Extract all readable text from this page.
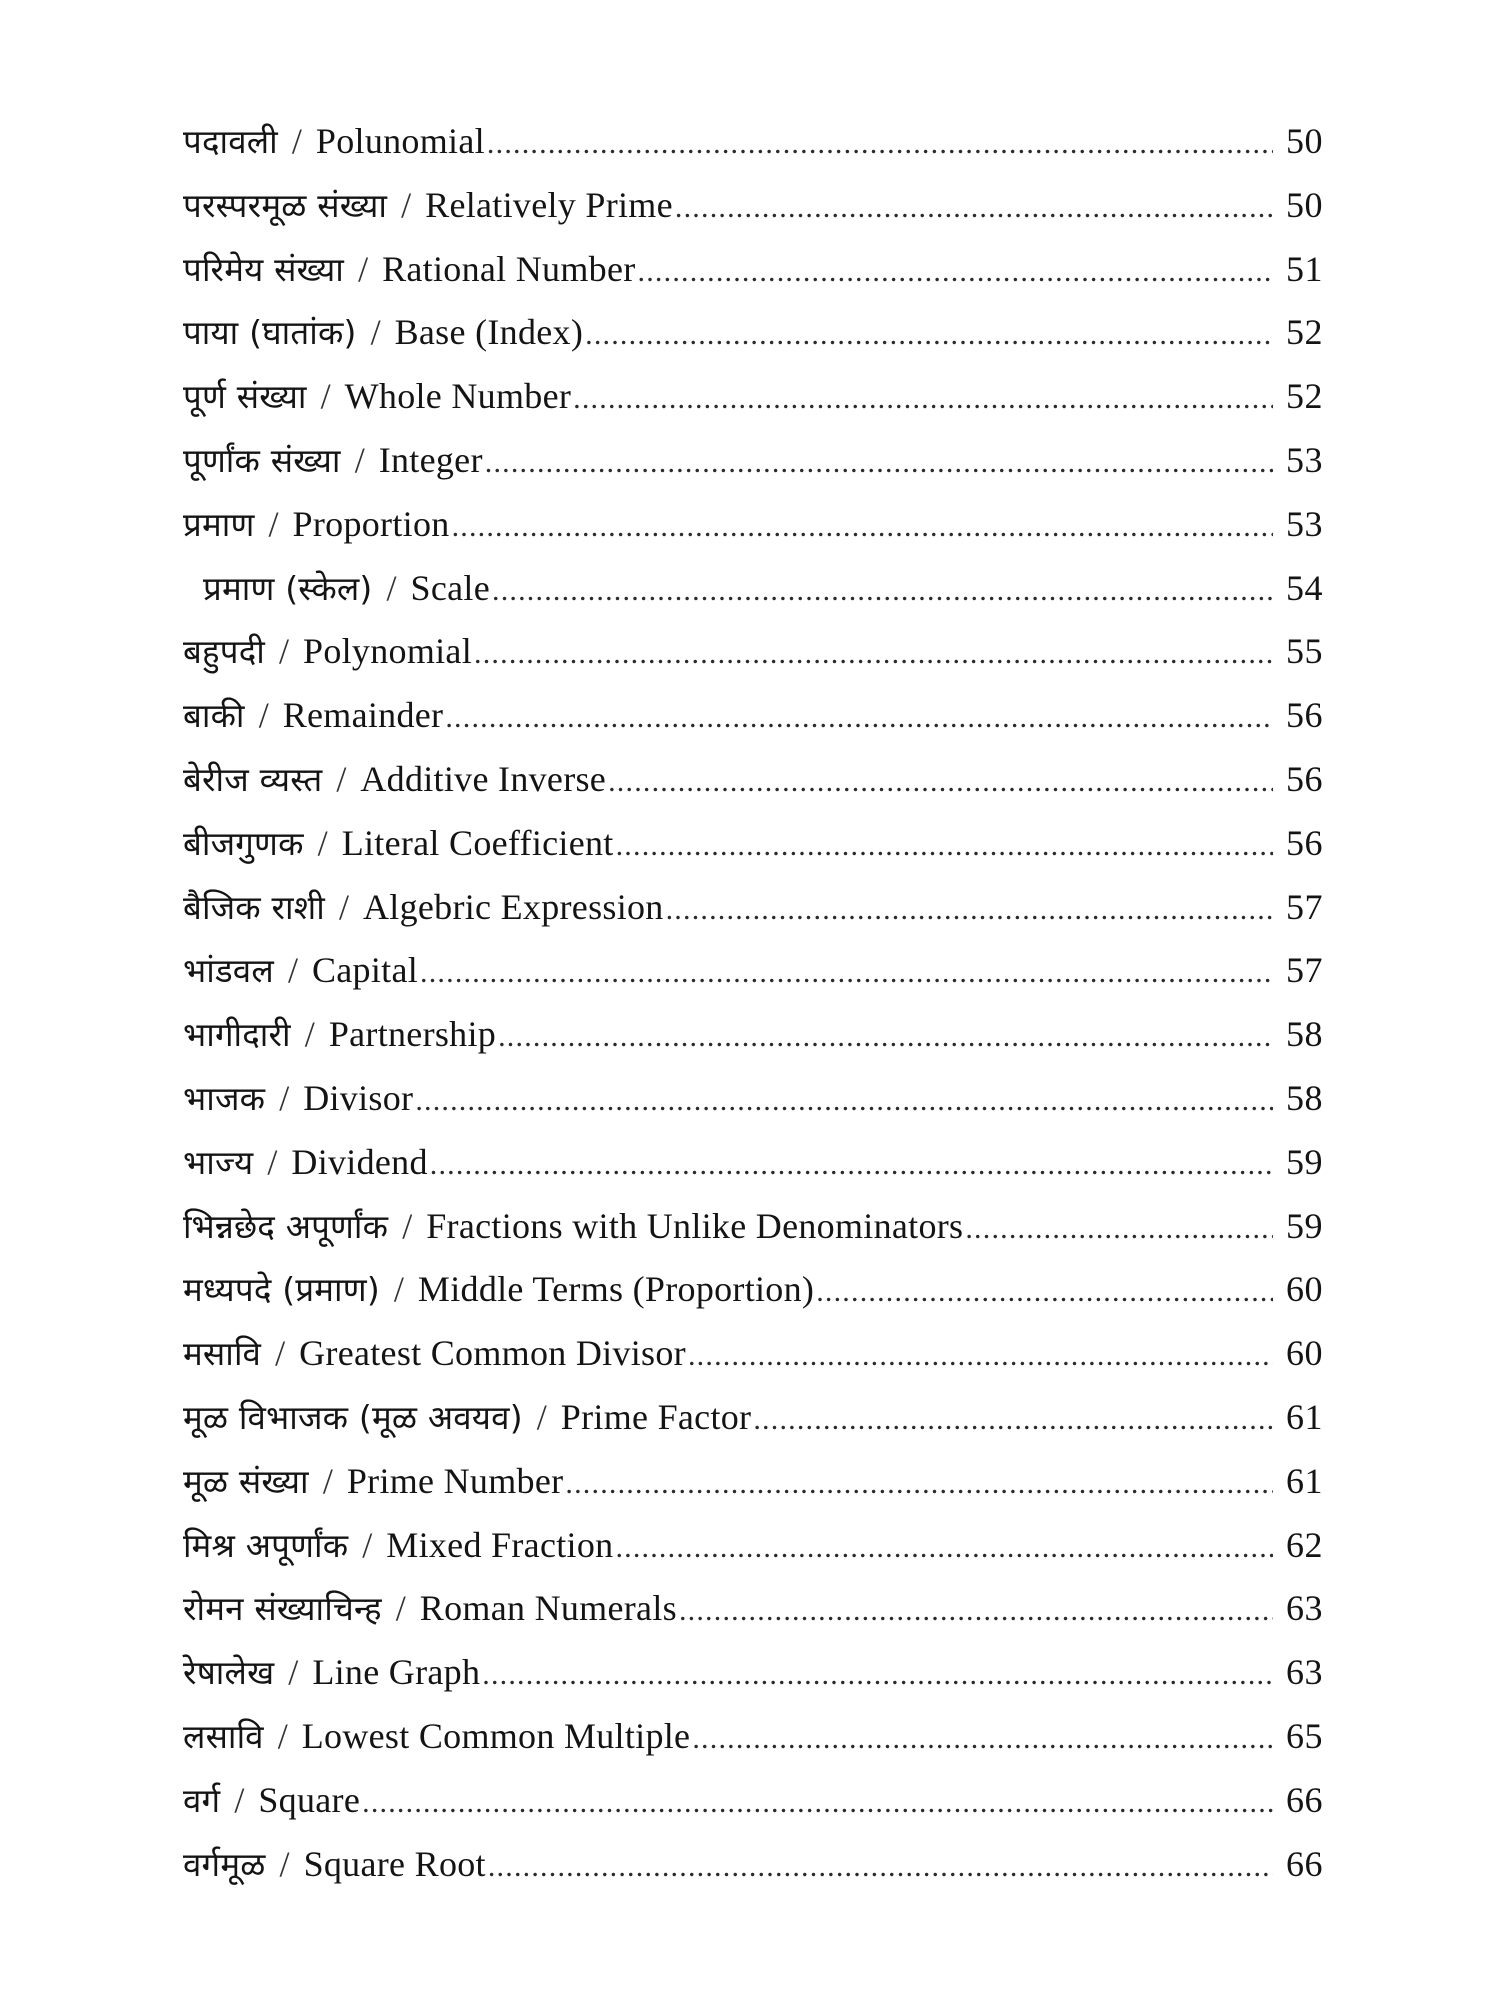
पदावली / Polunomial .....	50
परस्परमूळ संख्या / Relatively Prime .....	50
परिमेय संख्या / Rational Number .....	51
पाया (घातांक) / Base (Index) .....	52
पूर्ण संख्या / Whole Number .....	52
पूर्णांक संख्या / Integer .....	53
प्रमाण / Proportion .....	53
प्रमाण (स्केल) / Scale .....	54
बहुपदी / Polynomial .....	55
बाकी / Remainder .....	56
बेरीज व्यस्त / Additive Inverse .....	56
बीजगुणक / Literal Coefficient .....	56
बैजिक राशी / Algebric Expression .....	57
भांडवल / Capital .....	57
भागीदारी / Partnership .....	58
भाजक / Divisor .....	58
भाज्य / Dividend .....	59
भिन्नछेद अपूर्णांक / Fractions with Unlike Denominators .....	59
मध्यपदे (प्रमाण) / Middle Terms (Proportion) .....	60
मसावि / Greatest Common Divisor .....	60
मूळ विभाजक (मूळ अवयव) / Prime Factor .....	61
मूळ संख्या / Prime Number .....	61
मिश्र अपूर्णांक / Mixed Fraction .....	62
रोमन संख्याचिन्ह / Roman Numerals .....	63
रेषालेख / Line Graph .....	63
लसावि / Lowest Common Multiple .....	65
वर्ग / Square .....	66
वर्गमूळ / Square Root .....	66
